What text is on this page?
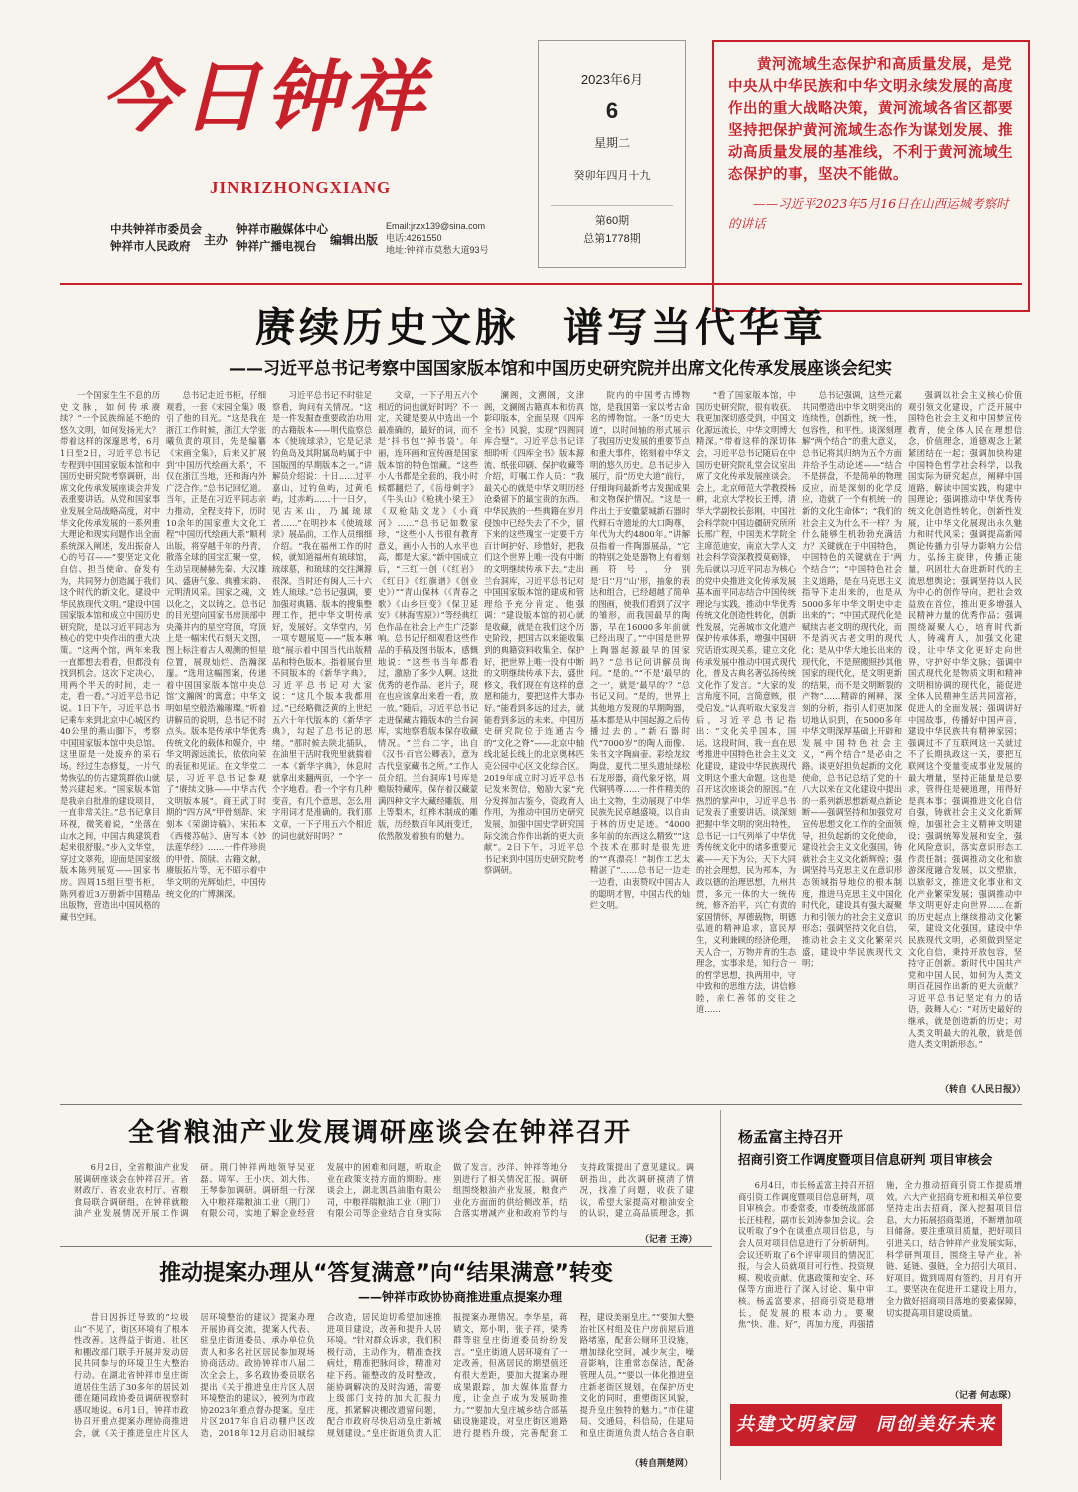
今日钟祥
JINRIZHONGXIANG
中共钟祥市委员会
钟祥市人民政府	主办
钟祥市融媒体中心
钟祥广播电视台	编辑出版
Email:jrzx139@sina.com
电话:4261550
地址:钟祥市莫愁大道93号
2023年6月
6
星期二
癸卯年四月十九
第60期
总第1778期
黄河流域生态保护和高质量发展，是党中央从中华民族和中华文明永续发展的高度作出的重大战略决策，黄河流域各省区都要坚持把保护黄河流域生态作为谋划发展、推动高质量发展的基准线，不利于黄河流域生态保护的事，坚决不能做。
——习近平2023年5月16日在山西运城考察时的讲话
赓续历史文脉　谱写当代华章
——习近平总书记考察中国国家版本馆和中国历史研究院并出席文化传承发展座谈会纪实

一个国家生生不息的历史文脉，如何传承赓续？“一个民族绵延不绝的悠久文明，如何发扬光大？带着这样的深邃思考，6月1日至2日，习近平总书记专程到中国国家版本馆和中国历史研究院考察调研，出席文化传承发展座谈会并发表重要讲话。从党和国家事业发展全局战略高度，对中华文化传承发展的一系列重大理论和现实问题作出全面系统深入阐述，发出振奋人心的号召——“要坚定文化自信、担当使命、奋发有为，共同努力创造属于我们这个时代的新文化，建设中华民族现代文明。”建设中国国家版本馆和成立中国历史研究院，是以习近平同志为核心的党中央作出的重大决策。“这两个馆，两年来我一直都想去看看，但都没有找到机会。这次下定决心，用两个半天的时间，走一走，看一看。”习近平总书记说。1日下午，习近平总书记乘车来到北京中心城区约40公里的燕山脚下，考察中国国家版本馆中央总馆。这里原是一处废弃的采石场。经过生态修复，一片气势恢弘的仿古建筑群依山就势兴建起来。“国家版本馆是我亲自批准的建设项目，一直非常关注。”总书记拿目环视，微笑着说，“坐落在山水之间，中国古典建筑看起来很舒服。”步入文华堂，穿过文翠苑，迎面是国家级版本陈列展览——国家书房。四周15组巨型书柜，陈列着近3万册新中国精品出版物，营造出中国风格的藏书空间。

总书记走近书柜，仔细观看，一套《宋园全集》吸引了他的目光。“这是我在浙江工作时候，浙江大学张曦负责的项目，先是编纂《宋画全集》，后来又扩展到‘中国历代绘画大系’，不仅在浙江当地，还和海内外广泛合作。”总书记回忆道。当年，正是在习近平同志亲力推动，全程支持下，历时10余年的国家重大文化工程“中国历代绘画大系”顺利出版，将穿越千年的丹青，散落全球的国宝汇聚一堂，生动呈现赫赫先秦、大汉雄风、盛唐气象、典雅宋韵、元明清风采。国家之魂，文以化之，文以铸之。总书记的目光望向国家书房顶部中央藻井内的星空穹顶，穹顶上是一幅宋代石刻天文图，图上标注着古人观测的恒星位置，展现灿烂、浩瀚深邃。“选用这幅图案，传递着中国国家版本馆中央总馆‘文瀚阁’的寓意；中华文明如星空般浩瀚璀璨。”听着讲解员的说明，总书记不时点头。版本是传承中华优秀传统文化的载体和媒介，中华文明源远流长，依依向荣的表征和见证。在文华堂二层，习近平总书记参观了“赓续文脉——中华古代文明版本展”。商王武丁时期的“四方风”甲骨刻辞、宋刻本《荣湖诗稿》、宋拓本《西楼苏帖》、唐写本《妙法莲华经》……一件件珍贵的甲骨、简牍、古籍文献，赓版拓片等，无不昭示着中华文明的光辉灿烂，中国传统文化的广博渊深。

习近平总书记不时驻足察看，询问有关情况。“这是一件发掘查重要政治功用的古籍版本——明代监察总本《使琉球录》，它是记录钓鱼岛及其附属岛屿属于中国版图的早期版本之一。”讲解员介绍说：十日……过平嘉山，过钓鱼屿，过黄毛屿，过赤屿……十一日夕，见古米山，乃属琉球者……”在明抄本《使琉球录》展品前，工作人员细细介绍。“我在福州工作的时候，就知道福州有琉球馆，琉球墓，和琉球的交往渊源很深。当时还有闽人三十六姓人琉球。”总书记强调，要加强对典籍、版本的搜集整理工作，把中华文明传承好，发展好。文华堂内，另一项专题展览——“版本琳琅”展示着中国当代出版精品和特色版本。指着展台里不同版本的《新华字典》，习近平总书记对大家说：“这几个版本我都用过。”已经略微泛黄的上世纪五六十年代版本的《新华字典》，勾起了总书记的思绪。“那时候去陕北插队，在油里干活时我兜里就揣着一本《新华字典》，休息时就拿出来翻两页，一个字一个字地看。看一个字有几种变音，有几个意思，怎么用字用词才是准确的。我们那文章，一下子用五六个相近的词也就好时吗？”

文章，一下子用五六个相近的词也就好时吗？不一定，关键是要从中选出一个最准确的，最好的词，而不是‘抖书包’‘掉书袋’。年丽，连环画和宣传画是国家版本馆的特色馆藏。“这些小人书都是全套的，我小时候都翻烂了，《岳母刺字》《牛头山》《枪挑小梁王》《双枪陆文龙》《小商河》……”总书记如数家珍，“这些小人书很有教育意义，画小人书的人水平也高，都是大家。”新中国成立后，“三红一创（《红岩》《红日》《红旗谱》《创业史》）”“青山保林（《青春之歌》《山乡巨变》《保卫延安》《林海雪原》）”等经典红色作品在社会上产生广泛影响。总书记仔细观看这些作品的手稿及图书版本，感慨地说：“这些书当年都看过，激励了多少人啊。这批优秀的老作品、老片子，现在也应该拿出来看一看，放一放。”随后，习近平总书记走进保藏古籍版本的兰台洞库，实地察看版本保存收藏情况。“兰台二字，出自《汉书·百官公卿表》，意为古代皇家藏书之所。”工作人员介绍。兰台洞库1号库是赡版特藏库，保存着汉藏蒙满四种文字大藏经雕版。用上等梨木，红桦木制成的雕版，历经数百年风雨变迁，依然散发着独有的魅力。

澜阁，文溯阁，文津阁，文澜阁古籍真本和仿真影印版本，全面呈现《四库全书》风貌，实现“四阁同库合璧”。习近平总书记详细聆听《四库全书》版本源流、纸张印刷、保护收藏等介绍，叮嘱工作人员：“我最关心的就是中华文明历经沧桑留下的最宝贵的东西。中华民族的一些典籍在岁月侵蚀中已经失去了不少，留下来的这些瑰宝一定要千方百计呵护好、珍惜好，把我们这个世界上唯一没有中断的文明继续传承下去。”走出兰台洞库，习近平总书记对中国国家版本馆的建成和管理给予充分肯定。他强调：“建设版本馆的初心就是收藏，就是在我们这个历史阶段，把国古以来能收集到的典籍资料收集全、保护好，把世界上唯一没有中断的文明继续传承下去，盛世修文，我们现在有这样的意愿和能力，要把这件大事办好。”能看到多远的过去，就能看到多远的未来。中国历史研究院位于连通古今的“文化之脊”——北京中轴线北延长线上的北京奥林匹克公园中心区文化综合区。2019年成立时习近平总书记发来贺信，勉励大家“充分发挥加古鉴今，资政育人作用，为推动中国历史研究发展，加强中国史学研究国际交流合作作出新的更大贡献”。2日下午，习近平总书记来到中国历史研究院考察调研。

院内的中国考古博物馆，是我国第一家以考古命名的博物馆。一条“历史大道”，以时间轴的形式展示了我国历史发展的重要节点和重大事件，铭刻着中华文明的悠久历史。总书记步入展厅，沿“历史大道”前行，仔细询问最新考古发掘成果和文物保护情况。“这是一件出土于安徽蒙城新石器时代鲜石寺遗址的大口陶尊，年代为大约4800年。”讲解员指着一件陶器展品，“它的特别之处是器物上有着刻画符号，分别是‘日’‘月’‘山’形，抽象的表达和组合，已经超越了简单的图画，使我们看到了汉字的雏形，而我国最早的陶器，早在16000多年前就已经出现了。”“中国是世界上陶器起源最早的国家吗？”总书记问讲解员询问。“是的。”“不是‘最早的之一’，就是‘最早的’？”总书记又问。“是的，世界上其他地方发现的早期陶器，基本都是从中国起源之后传播过去的。”新石器时代“7000岁”的陶人面像、朱书文字陶扁壶、彩绘龙纹陶盘，夏代二里头遗址绿松石龙形器，商代象牙铭，周代铜鸮尊……一件件精美的出土文物，生动展现了中华民族先民卓越盛境，以自由于林的历史足迹。“4000多年前的东西这么精致”“这个技术在那时是很先进的”“真漂亮！”制作工艺太精湛了”……总书记一边走一边看，由衷赞叹中国古人的聪明才智，中国古代的灿烂文明。

“看了国家版本馆，中国历史研究院，很有收获。我更加深切感受到，中国文化源远流长，中华文明博大精深。”带着这样的深切体会，习近平总书记随后在中国历史研究院礼堂会议室出席了文化传承发展座谈会。会上，北京师范大学教授杨耕，北京大学校长王博，清华大学副校长彭刚，中国社会科学院中国边疆研究所所长邢广程，中国美术学院全主席范迪安，南京大学人文社会科学资深教授莫砺锋，先后就以习近平同志为核心的党中央推进文化传承发展基本面平同志结合中国传统理论与实践，推动中华优秀传统文化创造性转化，创新性发展，完善城市文化遗产保护传承体系，增强中国研究话语实现关系，建立文化传承发展中推动中国式现代化，普及古典名著弘扬传统文化作了发言。“大家的发言角度不同，言简意赅，很受启发。”认真听取大家发言后，习近平总书记指出：“文化关乎国本，国运。这段时间，我一直在思考推进中国特色社会主义文化建设，建设中华民族现代文明这个重大命题。这也是召开这次座谈会的原因。”在热烈的掌声中，习近平总书记发表了重要讲话。谈深刻把握中华文明的突出特性，总书记一口气列举了中华优秀传统文化中的诸多重要元素——天下为公，天下大同的社会理想，民为邦本，为政以德的治理思想，九州共贯，多元一体的大一统传统，修齐治平，兴亡有责的家国情怀，厚德载物，明德弘道的精神追求，富民厚生，义利兼顾的经济伦理，天人合一，万物并育的生态理念，实事求是，知行合一的哲学思想，执两用中，守中致和的思维方法，讲信修睦，亲仁善邻的交往之道……

总书记强调，这些元素共同塑造出中华文明突出的连续性，创新性，统一性，包容性，和平性。谈深刻理解“两个结合”的重大意义，总书记将其归纳为五个方面并给予生动论述——“结合不是拼盘，不是简单的物理反应，而是深刻的化学反应，造就了一个有机统一的新的文化生命体”；“我们的社会主义为什么不一样？为什么能够生机勃勃充满活力？关键就在于中国特色，中国特色的关键就在于‘两个结合’”；“中国特色社会主义道路，是在马克思主义指导下走出来的，也是从5000多年中华文明史中走出来的”；“中国式现代化是赋续古老文明的现代化，而不是消灭古老文明的现代化；是从中华大地长出来的现代化，不是照搬照抄其他国家的现代化，是文明更新的结果，而不是文明断裂的产物”……精辟的阐释，深刻的分析，指引人们更加深切地认识到，在5000多年中华文明深厚基础上开辟和发展中国特色社会主义，“两个结合”是必由之路。谈更好担负起新的文化使命，总书记总结了党的十八大以来在文化建设中提出的一系列新思想新观点新论断——强调坚持和加强党对宣传思想文化工作的全面领导，担负起新的文化使命，建设社会主义文化强国，铸就社会主义文化新辉煌；强调坚持马克思主义在意识形态领域指导地位的根本制度，推进马克思主义中国化时代化，建设具有强大凝聚力和引领力的社会主义意识形态；强调坚持文化自信，推动社会主义文化繁荣兴盛，建设中华民族现代文明；

强调以社会主义核心价值观引领文化建设，广泛开展中国特色社会主义和中国梦宣传教育，使全体人民在理想信念，价值理念，道德观念上紧紧团结在一起；强调加快构建中国特色哲学社会科学，以我国实际为研究起点，阐释中国道路，解读中国实践，构建中国理论；强调推动中华优秀传统文化创造性转化，创新性发展，让中华文化展现出永久魅力和时代风采；强调提高新闻舆论传播力引导力影响力公信力，弘扬主旋律，传播正能量，巩固壮大奋进新时代的主流思想舆论；强调坚持以人民为中心的创作导向，把社会效益放在首位，推出更多增强人民精神力量的优秀作品；强调围绕凝聚人心，培育时代新人，铸魂育人，加强文化建设，让中华文化更好走向世界，守护好中华文脉；强调中国式现代化是物质文明和精神文明相协调的现代化，能促进全体人民精神生活共同富裕，促进人的全面发展；强调讲好中国故事，传播好中国声音，建设中华民族共有精神家园；强调过不了互联网这一关就过不了长期执政这一关，要把互联网这个变量变成事业发展的最大增量，坚持正能量是总要求，管得住是硬道理，用得好是真本事；强调推进文化自信自强，铸就社会主义文化新辉煌，加强社会主义精神文明建设；强调统筹发展和安全，强化风险意识，落实意识形态工作责任制；强调推动文化和旅游深度融合发展，以文塑旅，以旅彰文，推进文化事业和文化产业繁荣发展；强调推动中华文明更好走向世界……在新的历史起点上继续推动文化繁荣，建设文化强国，建设中华民族现代文明，必须做到坚定文化自信，秉持开放包容，坚持守正创新。新时代中国共产党和中国人民，如何为人类文明百花园作出新的更大贡献？习近平总书记坚定有力的话语，鼓舞人心：“对历史最好的继承，就是创造新的历史；对人类文明最大的礼敬，就是创造人类文明新形态。”

（转自《人民日报》）
全省粮油产业发展调研座谈会在钟祥召开

6月2日，全省粮油产业发展调研座谈会在钟祥召开。省财政厅、省农业农村厅、省粮食局联合调研组，在钟祥就粮油产业发展情况开展工作调研。荆门钟祥两地领导吴亚磊、周军、王小庆、刘大伟、王琴参加调研。调研组一行深入中粮祥瑞粮油工业（荆门）有限公司，实地了解企业经营发展中的困难和问题，听取企业在政策支持方面的期盼。座谈会上，湖北凯昌油脂有限公司，中粮祥瑞粮油工业（荆门）有限公司等企业结合自身实际做了发言。沙洋、钟祥等地分别进行了相关情况汇报。调研组围绕粮油产业发展，粮食产业化方面面的供给侧改革，结合落实增减产业和政府节约与支持政策提出了意见建议。调研指出，此次调研摸清了情况，找准了问题，收获了建议，希望大家提高对粮油安全的认识，建立高品质理念，抓

（记者 王涛）
推动提案办理从“答复满意”向“结果满意”转变
——钟祥市政协协商推进重点提案办理

昔日因拆迁导致的“垃圾山”不见了，街区环境有了根本性改善。这得益于街道、社区和棚改部门联手开展并发动居民共同参与的环境卫生大整治行动。在湖北省钟祥市皇庄街道居住生活了30多年的居民刘德在随同政协委员调研视察时感叹地说。6月1日，钟祥市政协召开重点提案办理协商推进会，就《关于推进皇庄片区人居环境整治的建议》提案办理开展协商交流，提案人代表、驻皇庄街道委员、承办单位负责人和多名社区居民参加现场协商活动。政协钟祥市八届二次全会上，多名政协委员联名提出《关于推进皇庄片区人居环境整治的建议》，被列为市政协2023年重点督办提案。皇庄片区2017年自启动棚户区改造，2018年12月启动旧城综合改造，居民迫切希望加速推进项目建设，改善和提升人居环境。“针对群众诉求，我们积极行动，主动作为，精准查找病灶，精准把脉问诊，精准对症下药。能整改的及时整改，能协调解决的及时沟通，需要上级部门支持的加大汇报力度，抓紧解决棚改遗留问题，配合市政府尽快启动皇庄新城规划建设。”皇庄街道负责人汇报提案办理情况。李华星，蒋婧文，郑小明，张子祥，梁秀群等驻皇庄街道委员纷纷发言。“皇庄街道人居环境有了一定改善，但离居民的期望值还有很大差距，要加大提案办理成果跟踪，加大媒体监督力度，让金点子成为发展助推力。”“要加大皇庄城乡结合部基础设施建设，对皇庄街区道路进行提档升级，完善配套工程，建设美丽皇庄。”“要加大整治社区村组及住户房前屋后道路堵塞，配套公厕环卫设施，增加绿化空间，减少灰尘，噪音影响，注重常态保洁，配备管理人员。”“要以一体化推进皇庄新老街区规划，在保护历史文化的同时，重塑街区风貌，提升皇庄独特的魅力。”市住建局、交通局，科信局，住建局和皇庄街道负责人结合各自职

（转自荆楚网）
杨孟富主持召开
招商引资工作调度暨项目信息研判 项目审核会

6月4日，市长杨孟富主持召开招商引资工作调度暨项目信息研判，项目审核会。市委常委，市委统战部部长汪桂程，副市长刘涛参加会议。会议听取了9个在谈重点项目信息，与会人员对项目信息进行了分析研判。会议还听取了6个评审项目的情况汇报，与会人员就项目可行性、投资规模、税收贡献、优惠政策和安全、环保等方面进行了深入讨论、集中审核。杨孟富要求，招商引资是稳增长，促发展的根本动力。要聚焦“快、准、好”，再加力度，再强措施，全力推动招商引资工作提质增效。六大产业招商专班和相关单位要坚持走出去招商，深入挖掘项目信息，大力拓展招商渠道，不断增加项目储备。要注重项目质量，把好项目引进关口，结合钟祥产业发展实际，科学研判项目，围绕主导产业，补链、延链、强链，全力招引大项目、好项目。做到周周有签约，月月有开工。要坚决在促进开工建设上用力，全力做好招商项目落地的要素保障，切实提高项目建设质量。

（记者 何志琛）
共建文明家园　同创美好未来
